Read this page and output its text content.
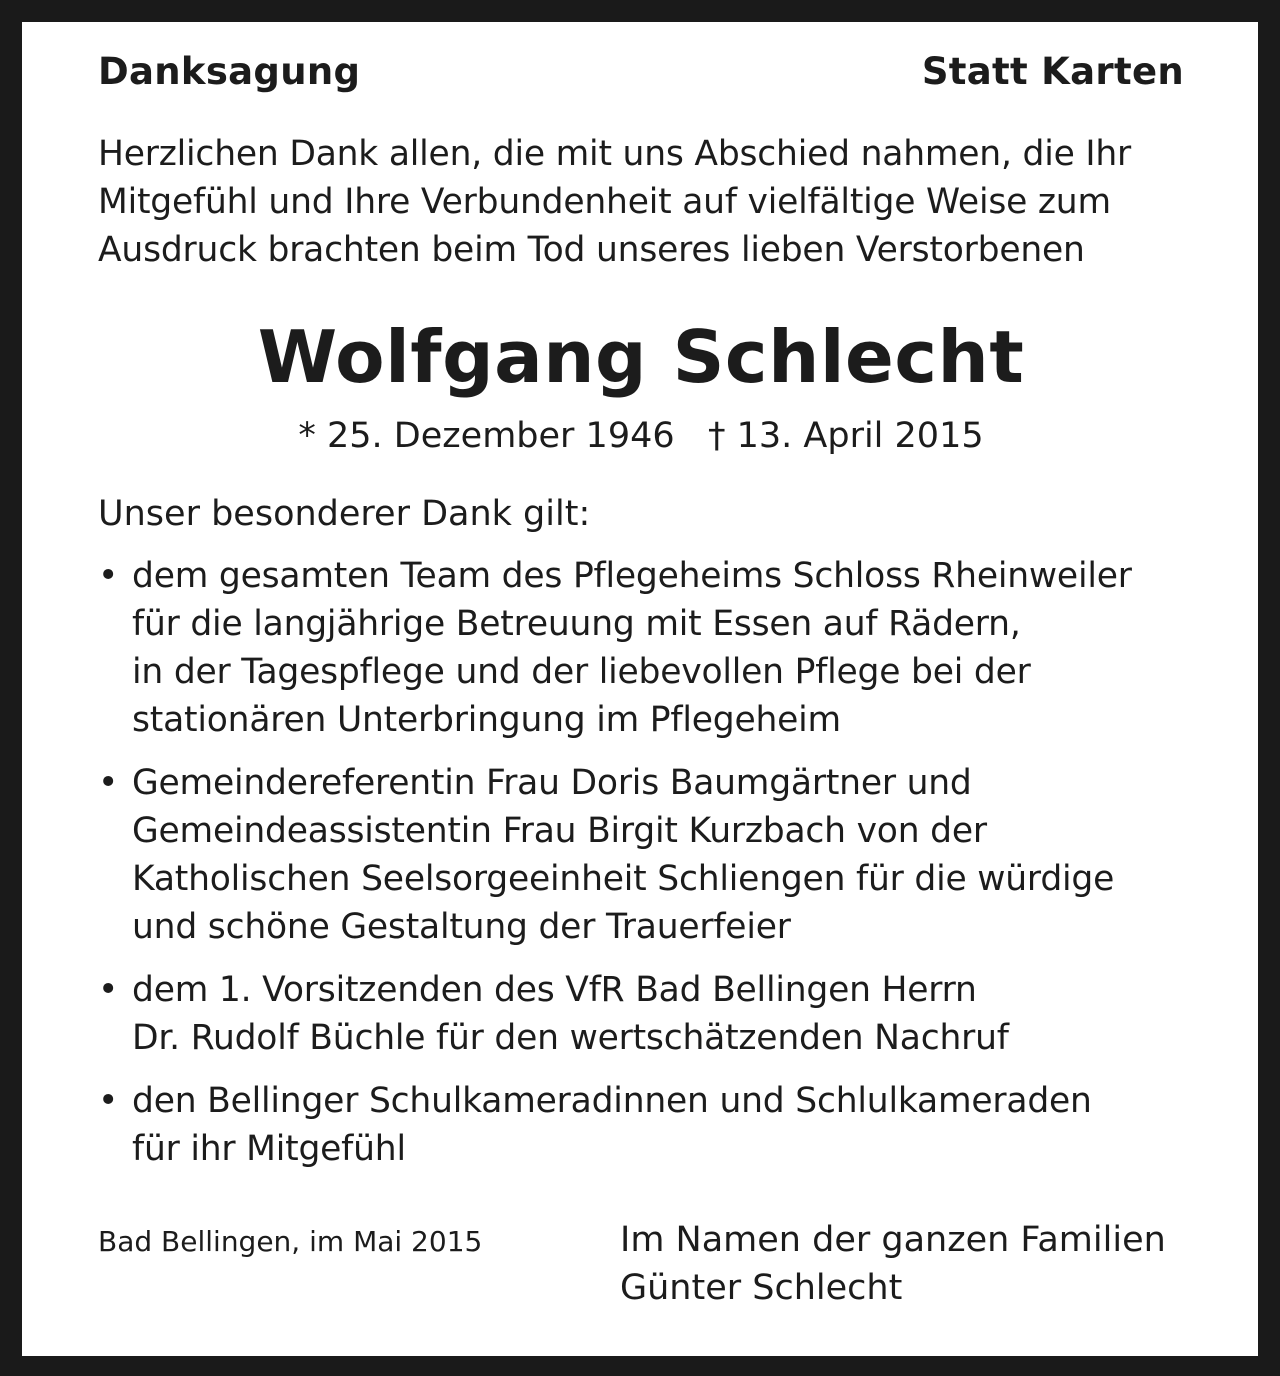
Danksagung	Statt Karten
Herzlichen Dank allen, die mit uns Abschied nahmen, die Ihr
Mitgefühl und Ihre Verbundenheit auf vielfältige Weise zum
Ausdruck brachten beim Tod unseres lieben Verstorbenen
Wolfgang Schlecht
* 25. Dezember 1946   † 13. April 2015
Unser besonderer Dank gilt:
• dem gesamten Team des Pflegeheims Schloss Rheinweiler
für die langjährige Betreuung mit Essen auf Rädern,
in der Tagespflege und der liebevollen Pflege bei der
stationären Unterbringung im Pflegeheim
• Gemeindereferentin Frau Doris Baumgärtner und
Gemeindeassistentin Frau Birgit Kurzbach von der
Katholischen Seelsorgeeinheit Schliengen für die würdige
und schöne Gestaltung der Trauerfeier
• dem 1. Vorsitzenden des VfR Bad Bellingen Herrn
Dr. Rudolf Büchle für den wertschätzenden Nachruf
• den Bellinger Schulkameradinnen und Schlulkameraden
für ihr Mitgefühl
Bad Bellingen, im Mai 2015	Im Namen der ganzen Familien
Günter Schlecht
